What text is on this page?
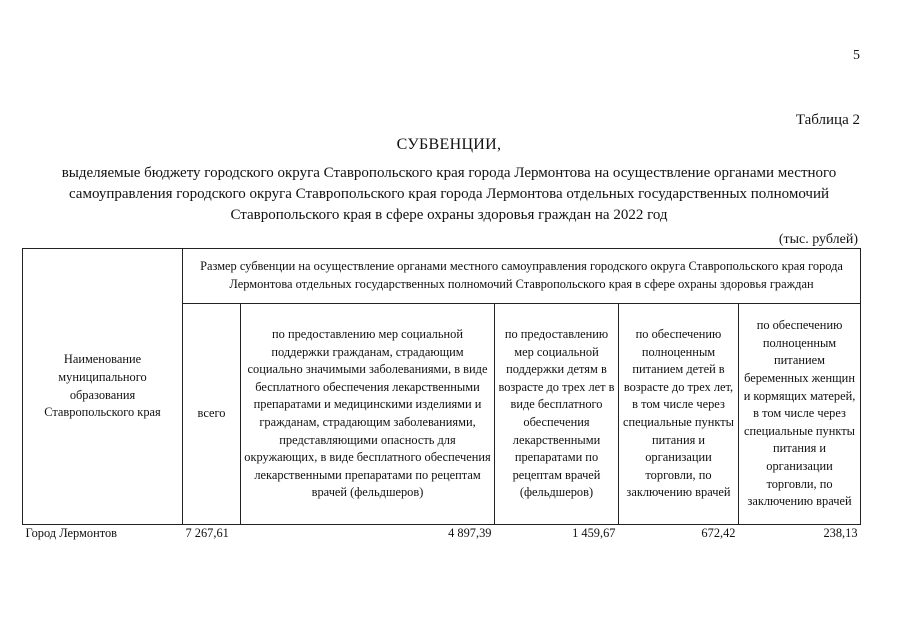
5
Таблица 2
СУБВЕНЦИИ,
выделяемые бюджету городского округа Ставропольского края города Лермонтова на осуществление органами местного
самоуправления городского округа Ставропольского края города Лермонтова отдельных государственных полномочий
Ставропольского края в сфере охраны здоровья граждан на 2022 год
(тыс. рублей)
Наименование муниципального образования Ставропольского края	Размер субвенции на осуществление органами местного самоуправления городского округа Ставропольского края города Лермонтова отдельных государственных полномочий Ставропольского края в сфере охраны здоровья граждан				
	всего	по предоставлению мер социальной поддержки гражданам, страдающим социально значимыми заболеваниями, в виде бесплатного обеспечения лекарственными препаратами и медицинскими изделиями и гражданам, страдающим заболеваниями, представляющими опасность для окружающих, в виде бесплатного обеспечения лекарственными препаратами по рецептам врачей (фельдшеров)	по предоставлению мер социальной поддержки детям в возрасте до трех лет в виде бесплатного обеспечения лекарственными препаратами по рецептам врачей (фельдшеров)	по обеспечению полноценным питанием детей в возрасте до трех лет, в том числе через специальные пункты питания и организации торговли, по заключению врачей	по обеспечению полноценным питанием беременных женщин и кормящих матерей, в том числе через специальные пункты питания и организации торговли, по заключению врачей
Город Лермонтов	7 267,61	4 897,39	1 459,67	672,42	238,13
